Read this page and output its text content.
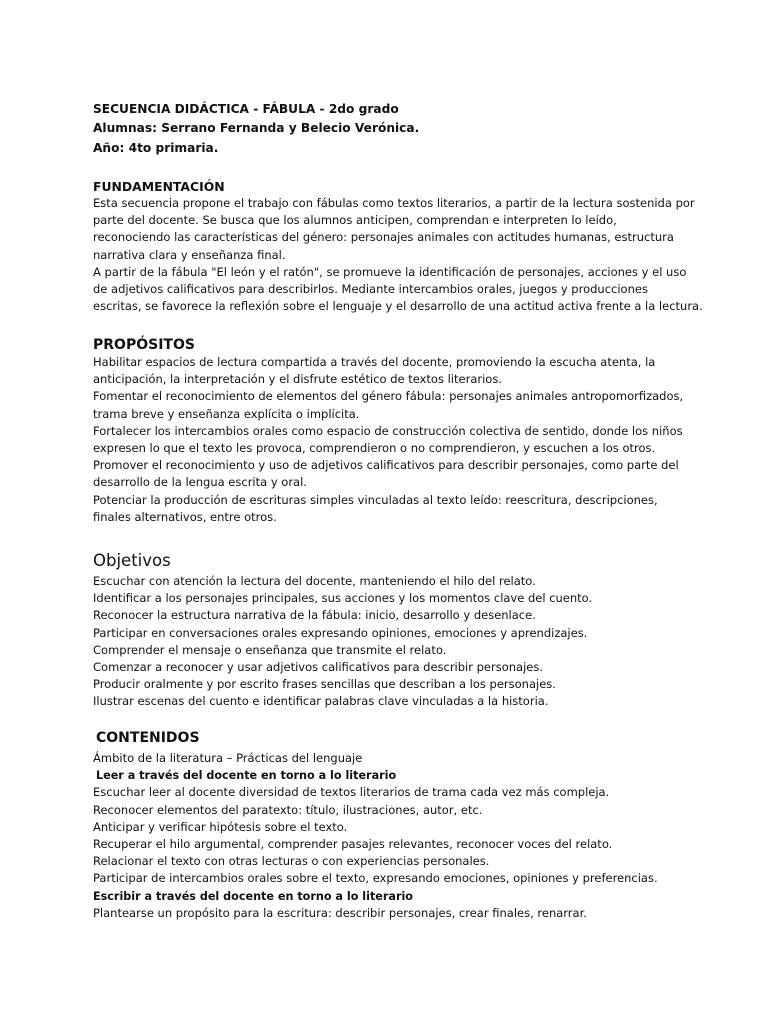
SECUENCIA DIDÁCTICA - FÁBULA - 2do grado
Alumnas: Serrano Fernanda y Belecio Verónica.
Año: 4to primaria.
FUNDAMENTACIÓN
Esta secuencia propone el trabajo con fábulas como textos literarios, a partir de la lectura sostenida por
parte del docente. Se busca que los alumnos anticipen, comprendan e interpreten lo leído,
reconociendo las características del género: personajes animales con actitudes humanas, estructura
narrativa clara y enseñanza final.
A partir de la fábula "El león y el ratón", se promueve la identificación de personajes, acciones y el uso
de adjetivos calificativos para describirlos. Mediante intercambios orales, juegos y producciones
escritas, se favorece la reflexión sobre el lenguaje y el desarrollo de una actitud activa frente a la lectura.
PROPÓSITOS
Habilitar espacios de lectura compartida a través del docente, promoviendo la escucha atenta, la
anticipación, la interpretación y el disfrute estético de textos literarios.
Fomentar el reconocimiento de elementos del género fábula: personajes animales antropomorfizados,
trama breve y enseñanza explícita o implícita.
Fortalecer los intercambios orales como espacio de construcción colectiva de sentido, donde los niños
expresen lo que el texto les provoca, comprendieron o no comprendieron, y escuchen a los otros.
Promover el reconocimiento y uso de adjetivos calificativos para describir personajes, como parte del
desarrollo de la lengua escrita y oral.
Potenciar la producción de escrituras simples vinculadas al texto leído: reescritura, descripciones,
finales alternativos, entre otros.
Objetivos
Escuchar con atención la lectura del docente, manteniendo el hilo del relato.
Identificar a los personajes principales, sus acciones y los momentos clave del cuento.
Reconocer la estructura narrativa de la fábula: inicio, desarrollo y desenlace.
Participar en conversaciones orales expresando opiniones, emociones y aprendizajes.
Comprender el mensaje o enseñanza que transmite el relato.
Comenzar a reconocer y usar adjetivos calificativos para describir personajes.
Producir oralmente y por escrito frases sencillas que describan a los personajes.
Ilustrar escenas del cuento e identificar palabras clave vinculadas a la historia.
CONTENIDOS
Ámbito de la literatura – Prácticas del lenguaje
Leer a través del docente en torno a lo literario
Escuchar leer al docente diversidad de textos literarios de trama cada vez más compleja.
Reconocer elementos del paratexto: título, ilustraciones, autor, etc.
Anticipar y verificar hipótesis sobre el texto.
Recuperar el hilo argumental, comprender pasajes relevantes, reconocer voces del relato.
Relacionar el texto con otras lecturas o con experiencias personales.
Participar de intercambios orales sobre el texto, expresando emociones, opiniones y preferencias.
Escribir a través del docente en torno a lo literario
Plantearse un propósito para la escritura: describir personajes, crear finales, renarrar.
